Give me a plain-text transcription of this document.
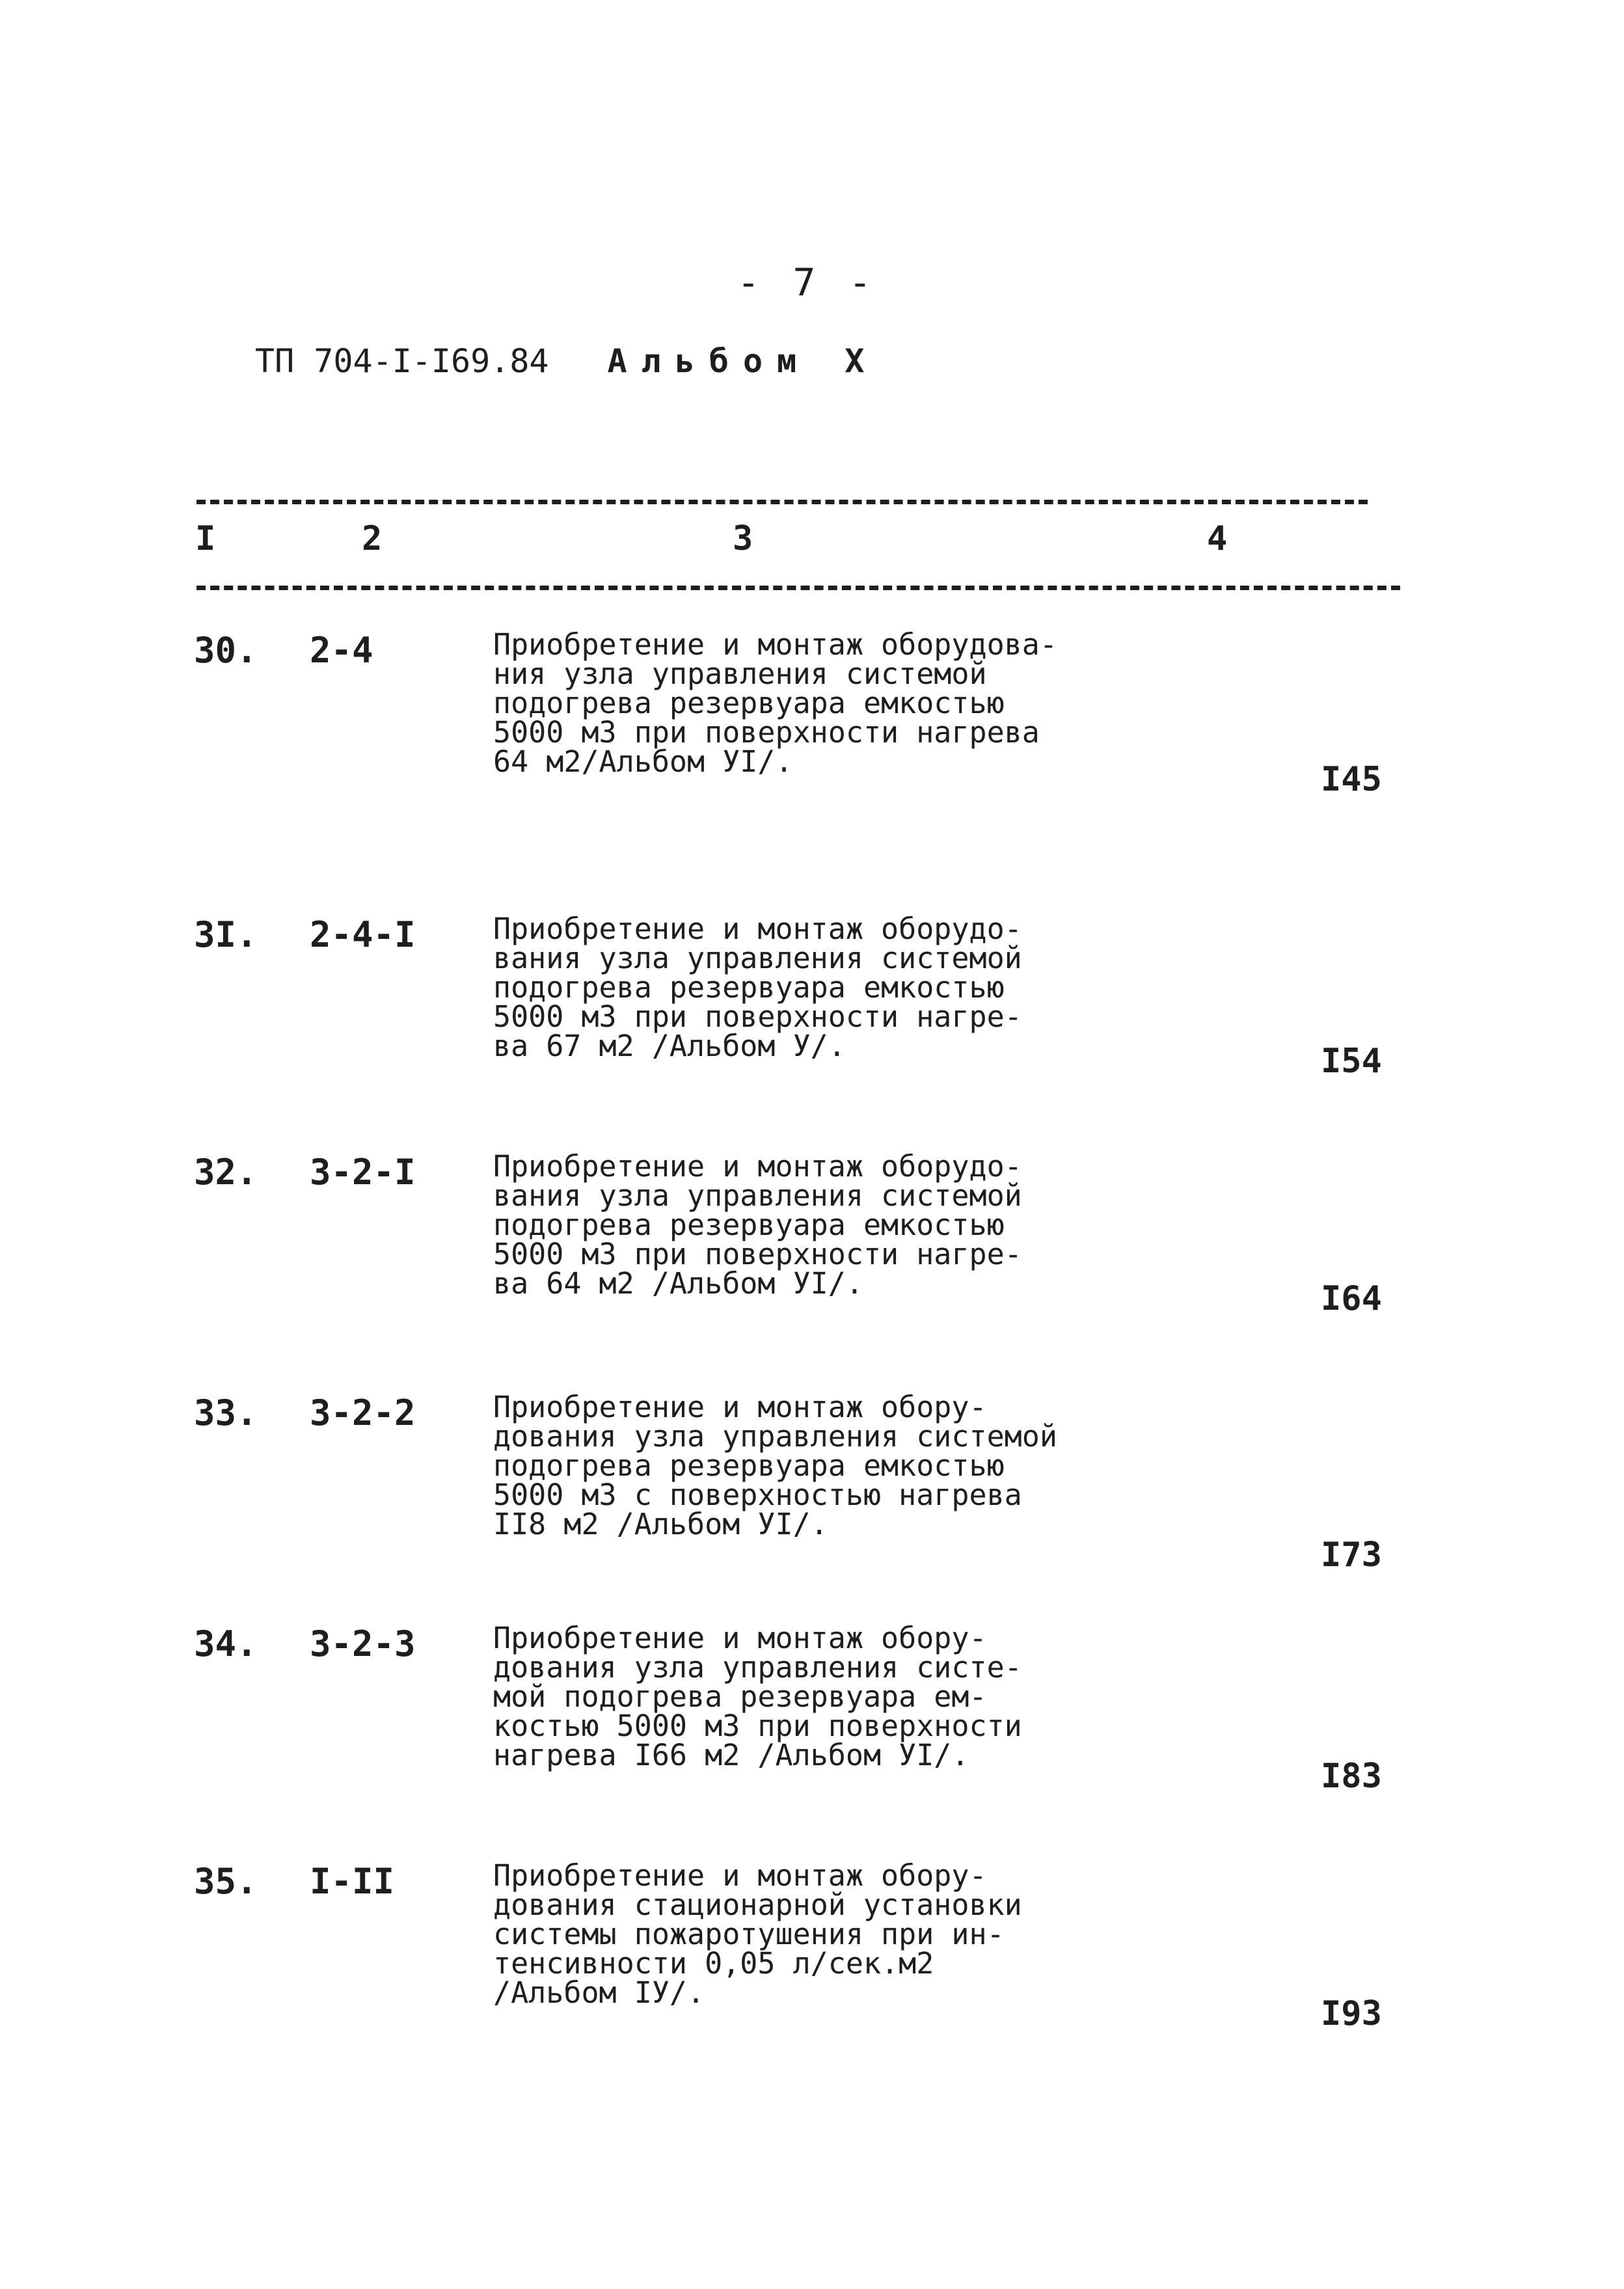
- 7 -
ТП 704-I-I69.84 Альбом Х
I	2	3	4
30. 2-4	Приобретение и монтаж оборудова-
ния узла управления системой
подогрева резервуара емкостью
5000 м3 при поверхности нагрева
64 м2/Альбом УI/.	I45
3I. 2-4-I	Приобретение и монтаж оборудо-
вания узла управления системой
подогрева резервуара емкостью
5000 м3 при поверхности нагре-
ва 67 м2 /Альбом У/.	I54
32. 3-2-I	Приобретение и монтаж оборудо-
вания узла управления системой
подогрева резервуара емкостью
5000 м3 при поверхности нагре-
ва 64 м2 /Альбом УI/.	I64
33. 3-2-2	Приобретение и монтаж обору-
дования узла управления системой
подогрева резервуара емкостью
5000 м3 с поверхностью нагрева
II8 м2 /Альбом УI/.
I73
34. 3-2-3	Приобретение и монтаж обору-
дования узла управления систе-
мой подогрева резервуара ем-
костью 5000 м3 при поверхности
нагрева I66 м2 /Альбом УI/.
I83
35. I-II	Приобретение и монтаж обору-
дования стационарной установки
системы пожаротушения при ин-
тенсивности 0,05 л/сек.м2
/Альбом IУ/.
I93
